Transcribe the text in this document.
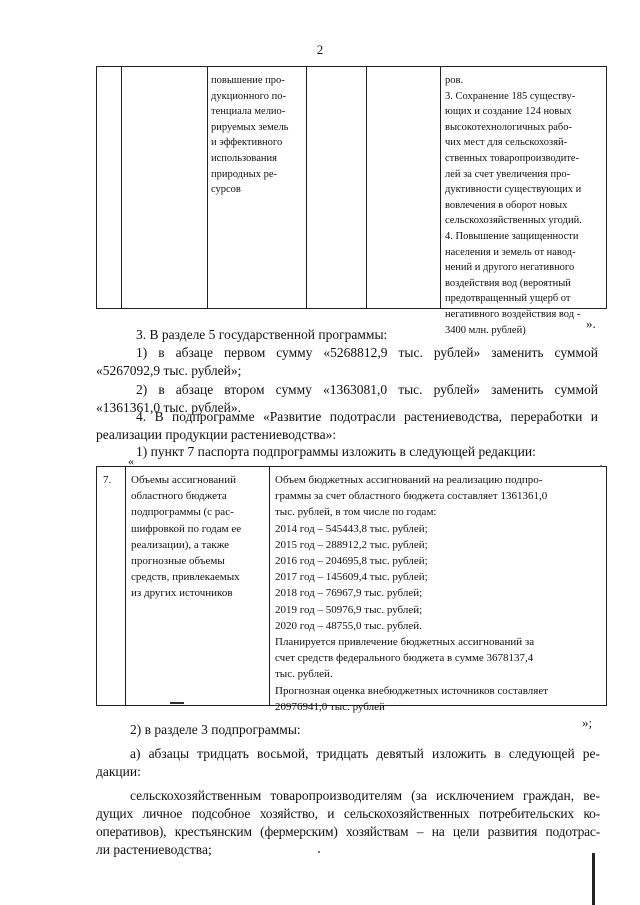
2
повышение про-
дукционного по-
тенциала мелио-
рируемых земель
и эффективного
использования
природных ре-
сурсов
ров.
3. Сохранение 185 существу-
ющих и создание 124 новых
высокотехнологичных рабо-
чих мест для сельскохозяй-
ственных товаропроизводите-
лей за счет увеличения про-
дуктивности существующих и
вовлечения в оборот новых
сельскохозяйственных угодий.
4. Повышение защищенности
населения и земель от навод-
нений и другого негативного
воздействия вод (вероятный
предотвращенный ущерб от
негативного воздействия вод -
3400 млн. рублей)	».
3. В разделе 5 государственной программы:
1) в абзаце первом сумму «5268812,9 тыс. рублей» заменить суммой
«5267092,9 тыс. рублей»;
2) в абзаце втором сумму «1363081,0 тыс. рублей» заменить суммой
«1361361,0 тыс. рублей».
4. В подпрограмме «Развитие подотрасли растениеводства, переработки и
реализации продукции растениеводства»:
1) пункт 7 паспорта подпрограммы изложить в следующей редакции:
«
7. Объемы ассигнований
областного бюджета
подпрограммы (с рас-
шифровкой по годам ее
реализации), а также
прогнозные объемы
средств, привлекаемых
из других источников
Объем бюджетных ассигнований на реализацию подпро-
граммы за счет областного бюджета составляет 1361361,0
тыс. рублей, в том числе по годам:
2014 год – 545443,8 тыс. рублей;
2015 год – 288912,2 тыс. рублей;
2016 год – 204695,8 тыс. рублей;
2017 год – 145609,4 тыс. рублей;
2018 год – 76967,9 тыс. рублей;
2019 год – 50976,9 тыс. рублей;
2020 год – 48755,0 тыс. рублей.
Планируется привлечение бюджетных ассигнований за
счет средств федерального бюджета в сумме 3678137,4
тыс. рублей.
Прогнозная оценка внебюджетных источников составляет
20976941,0 тыс. рублей
»;
2) в разделе 3 подпрограммы:
а) абзацы тридцать восьмой, тридцать девятый изложить в следующей ре-
дакции:
сельскохозяйственным товаропроизводителям (за исключением граждан, ве-
дущих личное подсобное хозяйство, и сельскохозяйственных потребительских ко-
оперативов), крестьянским (фермерским) хозяйствам – на цели развития подотрас-
ли растениеводства;
